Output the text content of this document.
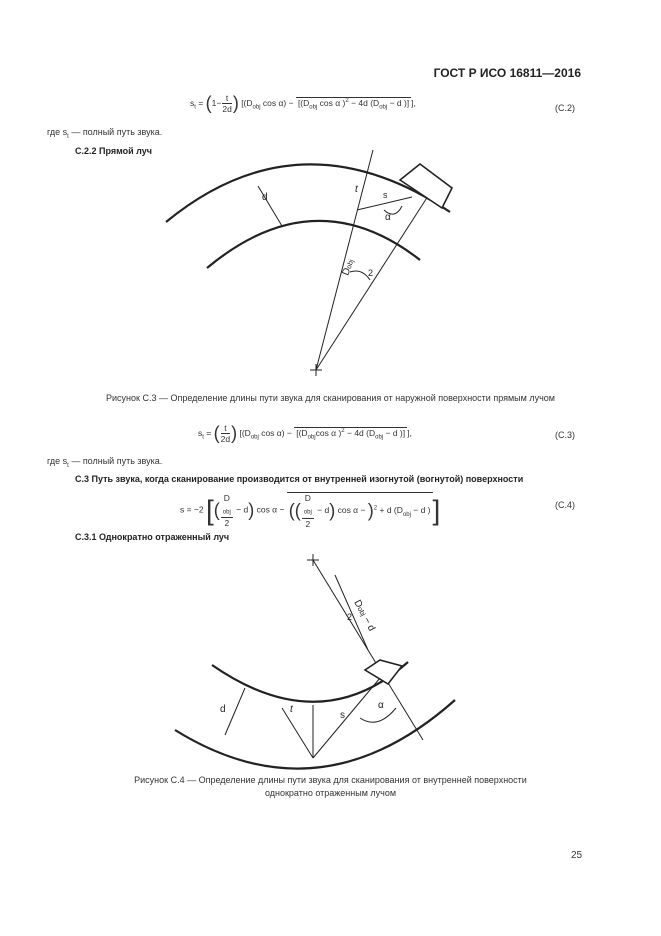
ГОСТ Р ИСО 16811—2016
$s_t = (1- \frac{t}{2d}$ ) [($D_{obj}$ $\cos \alpha) - [(D_{obj}$ cos α )$^2$ − 4d ($D_{obj} - d$ )] ],
(С.2)
где $s_t$ — полный путь звука.
С.2.2 Прямой луч
d
t	s
α
Dobj
2
Рисунок С.3 — Определение длины пути звука для сканирования от наружной поверхности прямым лучом
$s_t$ = ( $\frac{t}{2d}$ ) [($D_{obj}$ $\cos \alpha) - [(D_{obj}\cos$ α )$^2$ − 4d ($D_{obj} - d$ )] ],	(С.3)
где $s_t$ — полный путь звука.
С.3 Путь звука, когда сканирование производится от внутренней изогнутой (вогнутой) поверхности
s = −2 [( D
$_{obj}$
2 − d) cos α − (( D
$_{obj}$
2 − d) cos α − )$^2$ + d ($D_{obj} - d$ )]	(С.4)
С.3.1 Однократно отраженный луч
d	t
s
α
Dobj− d
2
Рисунок С.4 — Определение длины пути звука для сканирования от внутренней поверхности
однократно отраженным лучом
25
